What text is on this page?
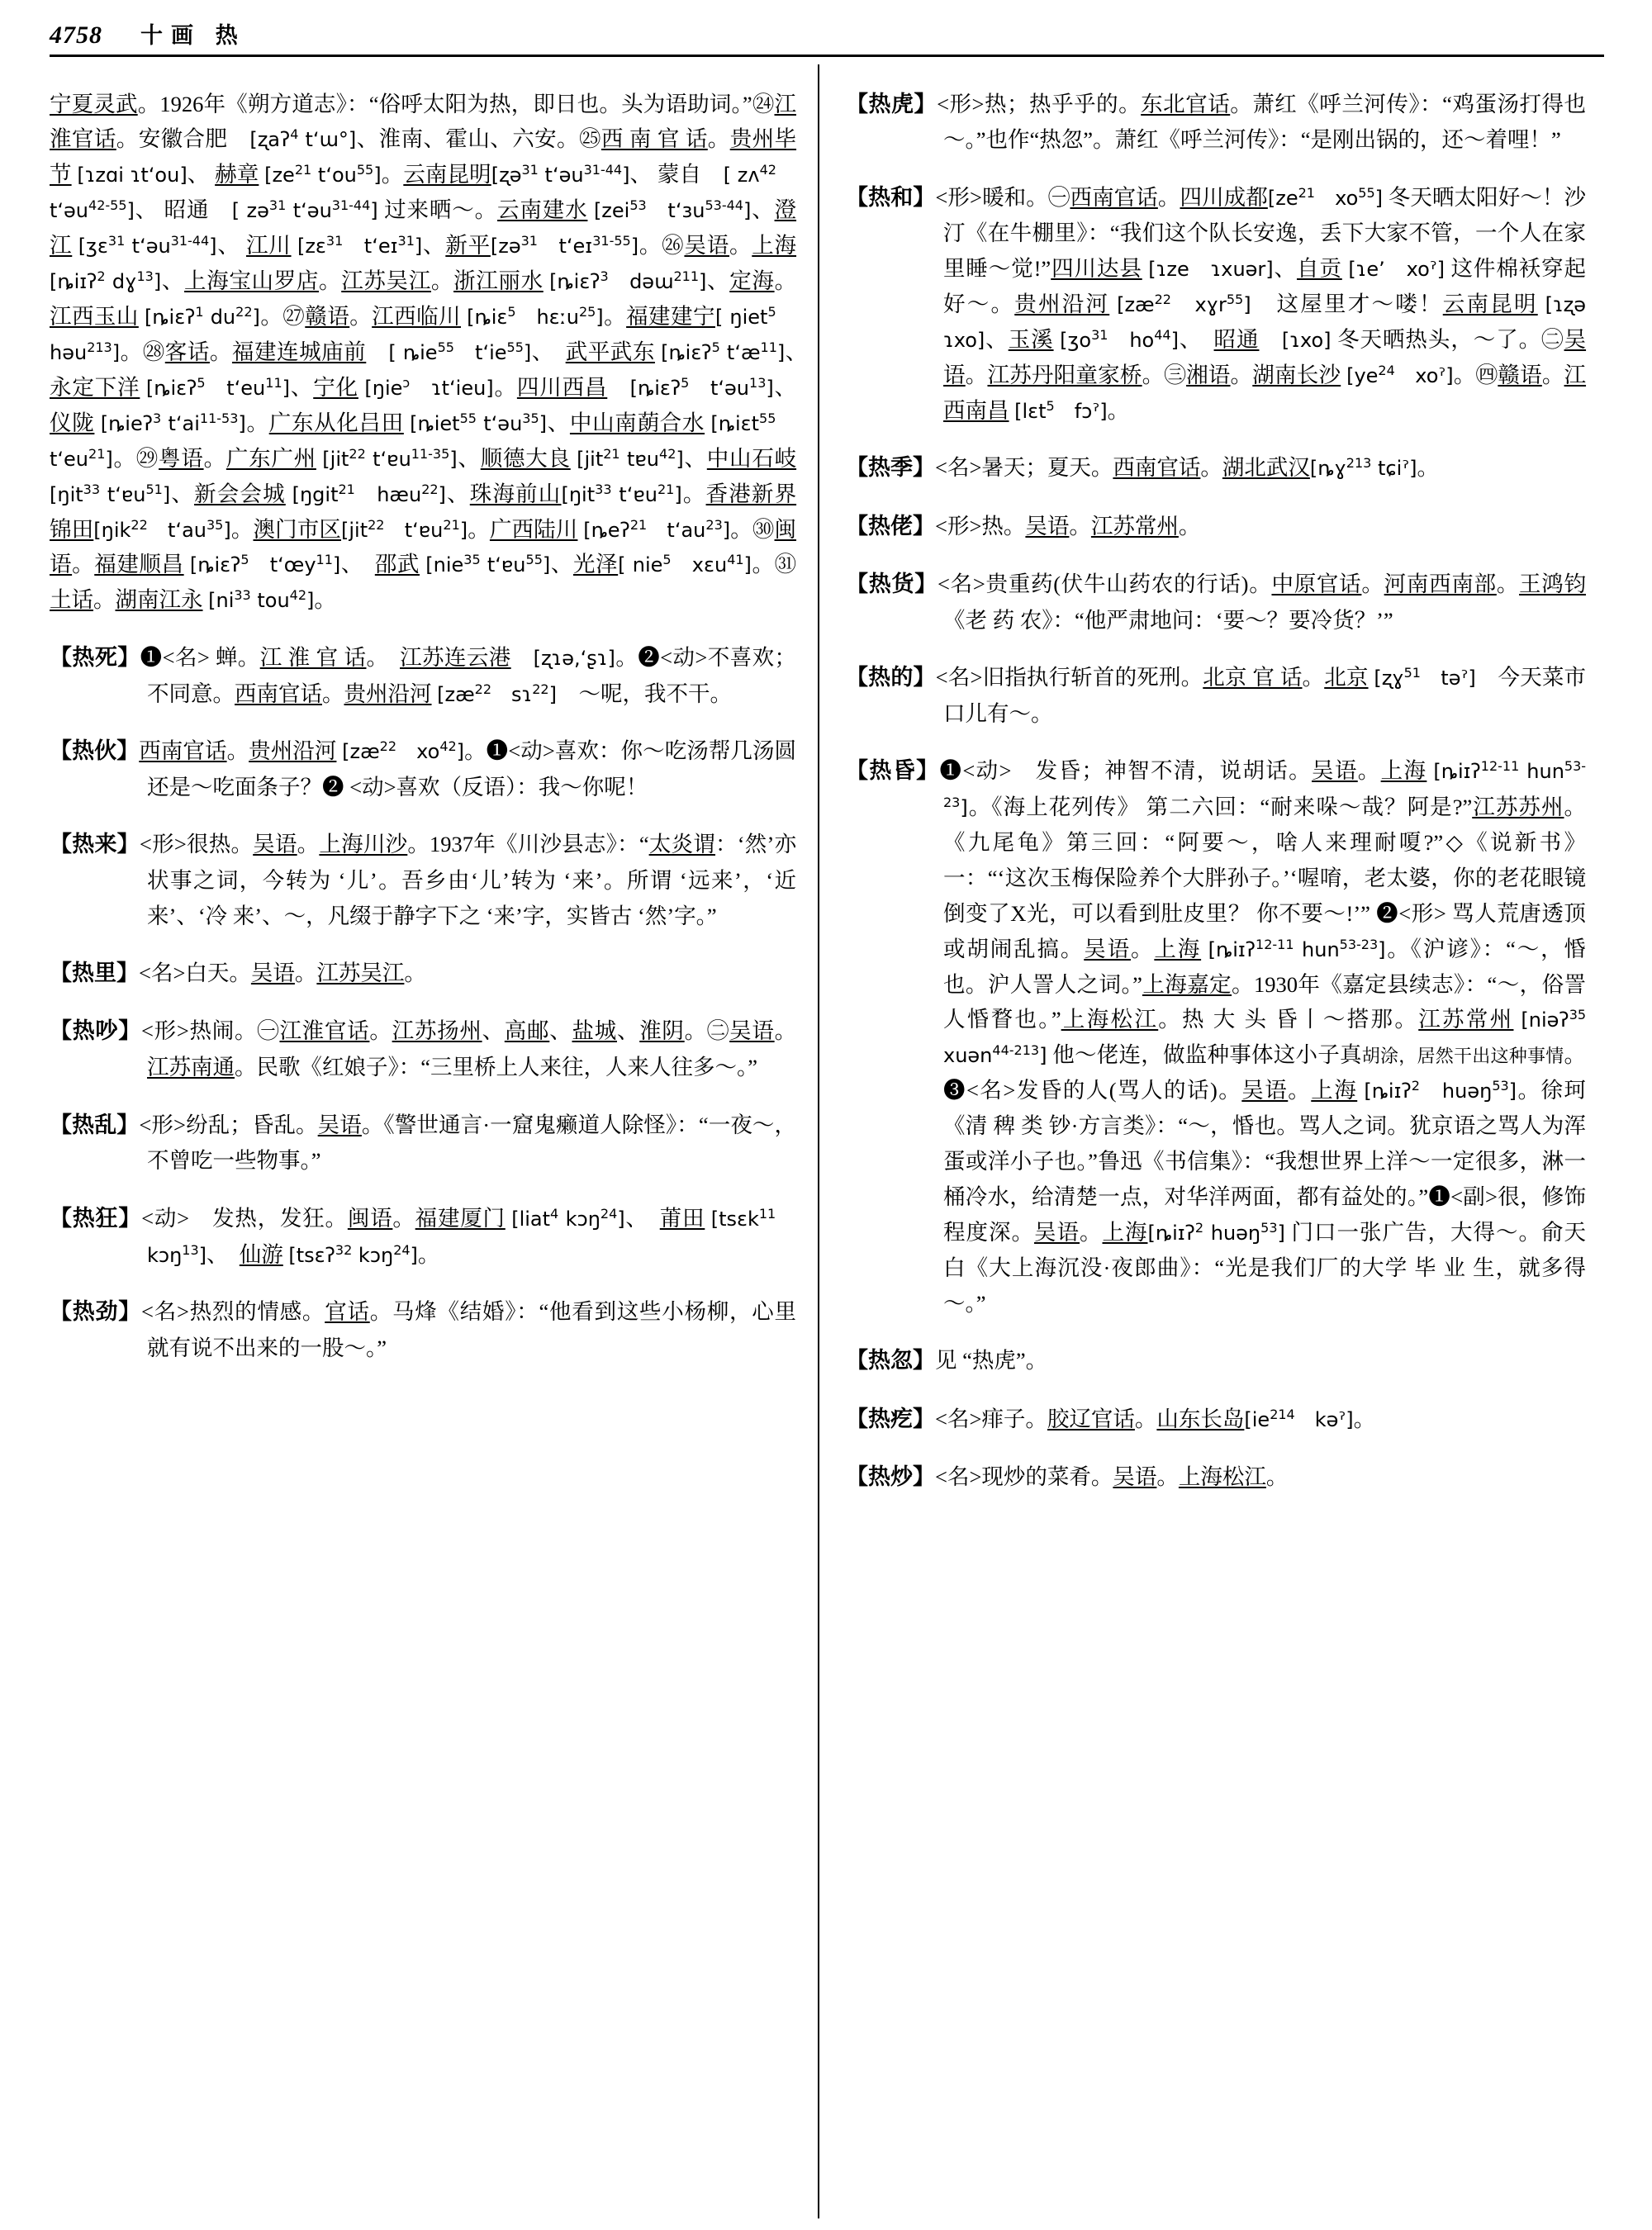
4758 十画 热

宁夏灵武。1926年《朔方道志》：“俗呼太阳为热，即日也。头为语助词。”㉔江淮官话。安徽合肥　[ʐaʔ$^4$ t‘ɯ°]、淮南、霍山、六安。㉕西 南 官 话。贵州毕节 [ɿzɑi ɿt‘ou]、 赫章 [$ze^{21}$ $t‘ou^{55}$]。云南昆明[ʐə$^{31}$ t‘əu$^{31-44}$]、 蒙自　[ zʌ$^{42}$　t‘əu$^{42-55}$]、 昭通　[ zə$^{31}$ t‘əu$^{31-44}$] 过来晒～。云南建水 [zei$^{53}$　t‘ɜu$^{53-44}$]、澄江 [ʒɛ$^{31}$ t‘əu$^{31-44}$]、 江川 [zɛ$^{31}$　t‘eɪ$^{31}$]、新平[zə$^{31}$　t‘eɪ$^{31-55}$]。㉖吴语。上海[ȵiɪʔ$^2$ dɣ$^{13}$]、上海宝山罗店。江苏吴江。浙江丽水 [ȵiɛʔ$^3$　dəɯ$^{211}$]、定海。江西玉山 [ȵiɛʔ$^1$ $du^{22}$]。㉗赣语。江西临川 [ȵiɛ$^5$　hɛːu$^{25}$]。福建建宁[ ŋiet$^5$　həu$^{213}$]。㉘客话。福建连城庙前　 [ ȵie$^{55}$　$t‘ie^{55}$]、　武平武东 [ȵiɛʔ$^5$ $t‘æ^{11}$]、　永定下洋 [ȵiɛʔ$^5$　$t‘eu^{11}$]、宁化 [ŋie$^ɔ$　ɿt‘ieu]。四川西昌　 [ȵiɛʔ$^5$　t‘əu$^{13}$]、仪陇 [ȵieʔ$^3$ $t‘ai^{11-53}$]。广东从化吕田 [ȵiet$^{55}$ t‘əu$^{35}$]、中山南蓢合水 [ȵiɛt$^{55}$　$t‘eu^{21}$]。㉙粤语。广东广州 [jit$^{22}$ t‘ɐu$^{11-35}$]、顺德大良 [jit$^{21}$ tɐu$^{42}$]、中山石岐 [ŋit$^{33}$ t‘ɐu$^{51}$]、新会会城 [ŋgit$^{21}$　hæu$^{22}$]、珠海前山[ŋit$^{33}$ t‘ɐu$^{21}$]。香港新界锦田[ŋik$^{22}$　$t‘au^{35}$]。澳门市区[jit$^{22}$　t‘ɐu$^{21}$]。广西陆川 [ȵeʔ$^{21}$　$t‘au^{23}$]。㉚闽语。福建顺昌 [ȵiɛʔ$^5$　$t‘œy^{11}$]、　邵武 [nie$^{35}$ t‘ɐu$^{55}$]、光泽[ nie$^5$　xɛu$^{41}$]。㉛土话。湖南江永 [$ni^{33}$ tou$^{42}$]。

【热死】❶<名> 蝉。江 淮 官 话。　江苏连云港　 [ʐɿə,‘ʂɿ]。❷<动>不喜欢；不同意。西南官话。贵州沿河 [$zæ^{22}$　sɿ$^{22}$]　～呢，我不干。

【热伙】西南官话。贵州沿河 [$zæ^{22}$　$xo^{42}$]。❶<动>喜欢：你～吃汤帮几汤圆还是～吃面条子？❷ <动>喜欢（反语）：我～你呢！

【热来】<形>很热。吴语。上海川沙。1937年《川沙县志》：“太炎谓：‘然’亦状事之词，今转为 ‘儿’。吾乡由‘儿’转为 ‘来’。所谓 ‘远来’，‘近 来’、‘冷 来’、～，凡缀于静字下之 ‘来’字，实皆古 ‘然’字。”

【热里】<名>白天。吴语。江苏吴江。

【热吵】<形>热闹。㊀江淮官话。江苏扬州、高邮、盐城、淮阴。㊁吴语。江苏南通。民歌《红娘子》：“三里桥上人来往，人来人往多～。”

【热乱】<形>纷乱；昏乱。吴语。《警世通言·一窟鬼癞道人除怪》：“一夜～，不曾吃一些物事。”

【热狂】<动>　发热，发狂。闽语。福建厦门 [liat$^4$ kɔŋ$^{24}$]、　莆田 [tsɛk$^{11}$　kɔŋ$^{13}$]、　仙游 [tsɛʔ$^{32}$ kɔŋ$^{24}$]。

【热劲】<名>热烈的情感。官话。马烽《结婚》：“他看到这些小杨柳，心里就有说不出来的一股～。”

【热虎】<形>热；热乎乎的。东北官话。萧红《呼兰河传》：“鸡蛋汤打得也～。”也作“热忽”。萧红《呼兰河传》：“是刚出锅的，还～着哩！”

【热和】<形>暖和。㊀西南官话。四川成都[$ze^{21}$　$xo^{55}$] 冬天晒太阳好～！沙汀《在牛棚里》：“我们这个队长安逸，丢下大家不管，一个人在家里睡～觉!”四川达县 [ɿze　ɿxuər]、自贡 [ɿe’　xoˀ] 这件棉袄穿起好～。贵州沿河 [$zæ^{22}$　xɣr$^{55}$]　这屋里才～喽！云南昆明 [ɿʐə　ɿxo]、玉溪 [ʒo$^{31}$　$ho^{44}$]、　昭通　 [ɿxo] 冬天晒热头，～了。㊁吴语。江苏丹阳童家桥。㊂湘语。湖南长沙 [$ye^{24}$　xoˀ]。㊃赣语。江西南昌 [lɛt$^5$　fɔˀ]。

【热季】<名>暑天；夏天。西南官话。湖北武汉[ȵɣ$^{213}$ tɕiˀ]。

【热佬】<形>热。吴语。江苏常州。

【热货】<名>贵重药(伏牛山药农的行话)。中原官话。河南西南部。王鸿钧《老 药 农》：“他严肃地问：‘要～？要冷货？’”

【热的】<名>旧指执行斩首的死刑。北京 官 话。北京 [ʐɣ$^{51}$　təˀ]　今天菜市口儿有～。

【热昏】❶<动>　发昏；神智不清，说胡话。吴语。上海 [ȵiɪʔ$^{12-11}$ hun$^{53-23}$]。《海上花列传》 第二六回：“耐来哚～哉？阿是?”江苏苏州。《九尾龟》第三回：“阿要～，啥人来理耐嗄?”◇《说新书》一：“‘这次玉梅保险养个大胖孙子。’‘喔唷，老太婆，你的老花眼镜倒变了X光，可以看到肚皮里？ 你不要～!’” ❷<形> 骂人荒唐透顶或胡闹乱搞。吴语。上海 [ȵiɪʔ$^{12-11}$ hun$^{53-23}$]。《沪谚》：“～，惛也。沪人詈人之词。”上海嘉定。1930年《嘉定县续志》：“～，俗詈人惛瞀也。”上海松江。热 大 头 昏丨～搭那。江苏常州 [niəʔ$^{35}$ xuən$^{44-213}$] 他～佬连，做监种事体这小子真胡涂，居然干出这种事情。❸<名>发昏的人(骂人的话)。吴语。上海 [ȵiɪʔ$^2$　huəŋ$^{53}$]。徐珂 《清 稗 类 钞·方言类》：“～，惛也。骂人之词。犹京语之骂人为浑蛋或洋小子也。”鲁迅《书信集》：“我想世界上洋～一定很多，淋一桶冷水，给清楚一点，对华洋两面，都有益处的。”❶<副>很，修饰程度深。吴语。上海[ȵiɪʔ$^2$ huəŋ$^{53}$] 门口一张广告，大得～。俞天白《大上海沉没·夜郎曲》：“光是我们厂的大学 毕 业 生，就多得～。”

【热忽】见 “热虎”。

【热疙】<名>痱子。胶辽官话。山东长岛[$ie^{214}$　kəˀ]。

【热炒】<名>现炒的菜肴。吴语。上海松江。
